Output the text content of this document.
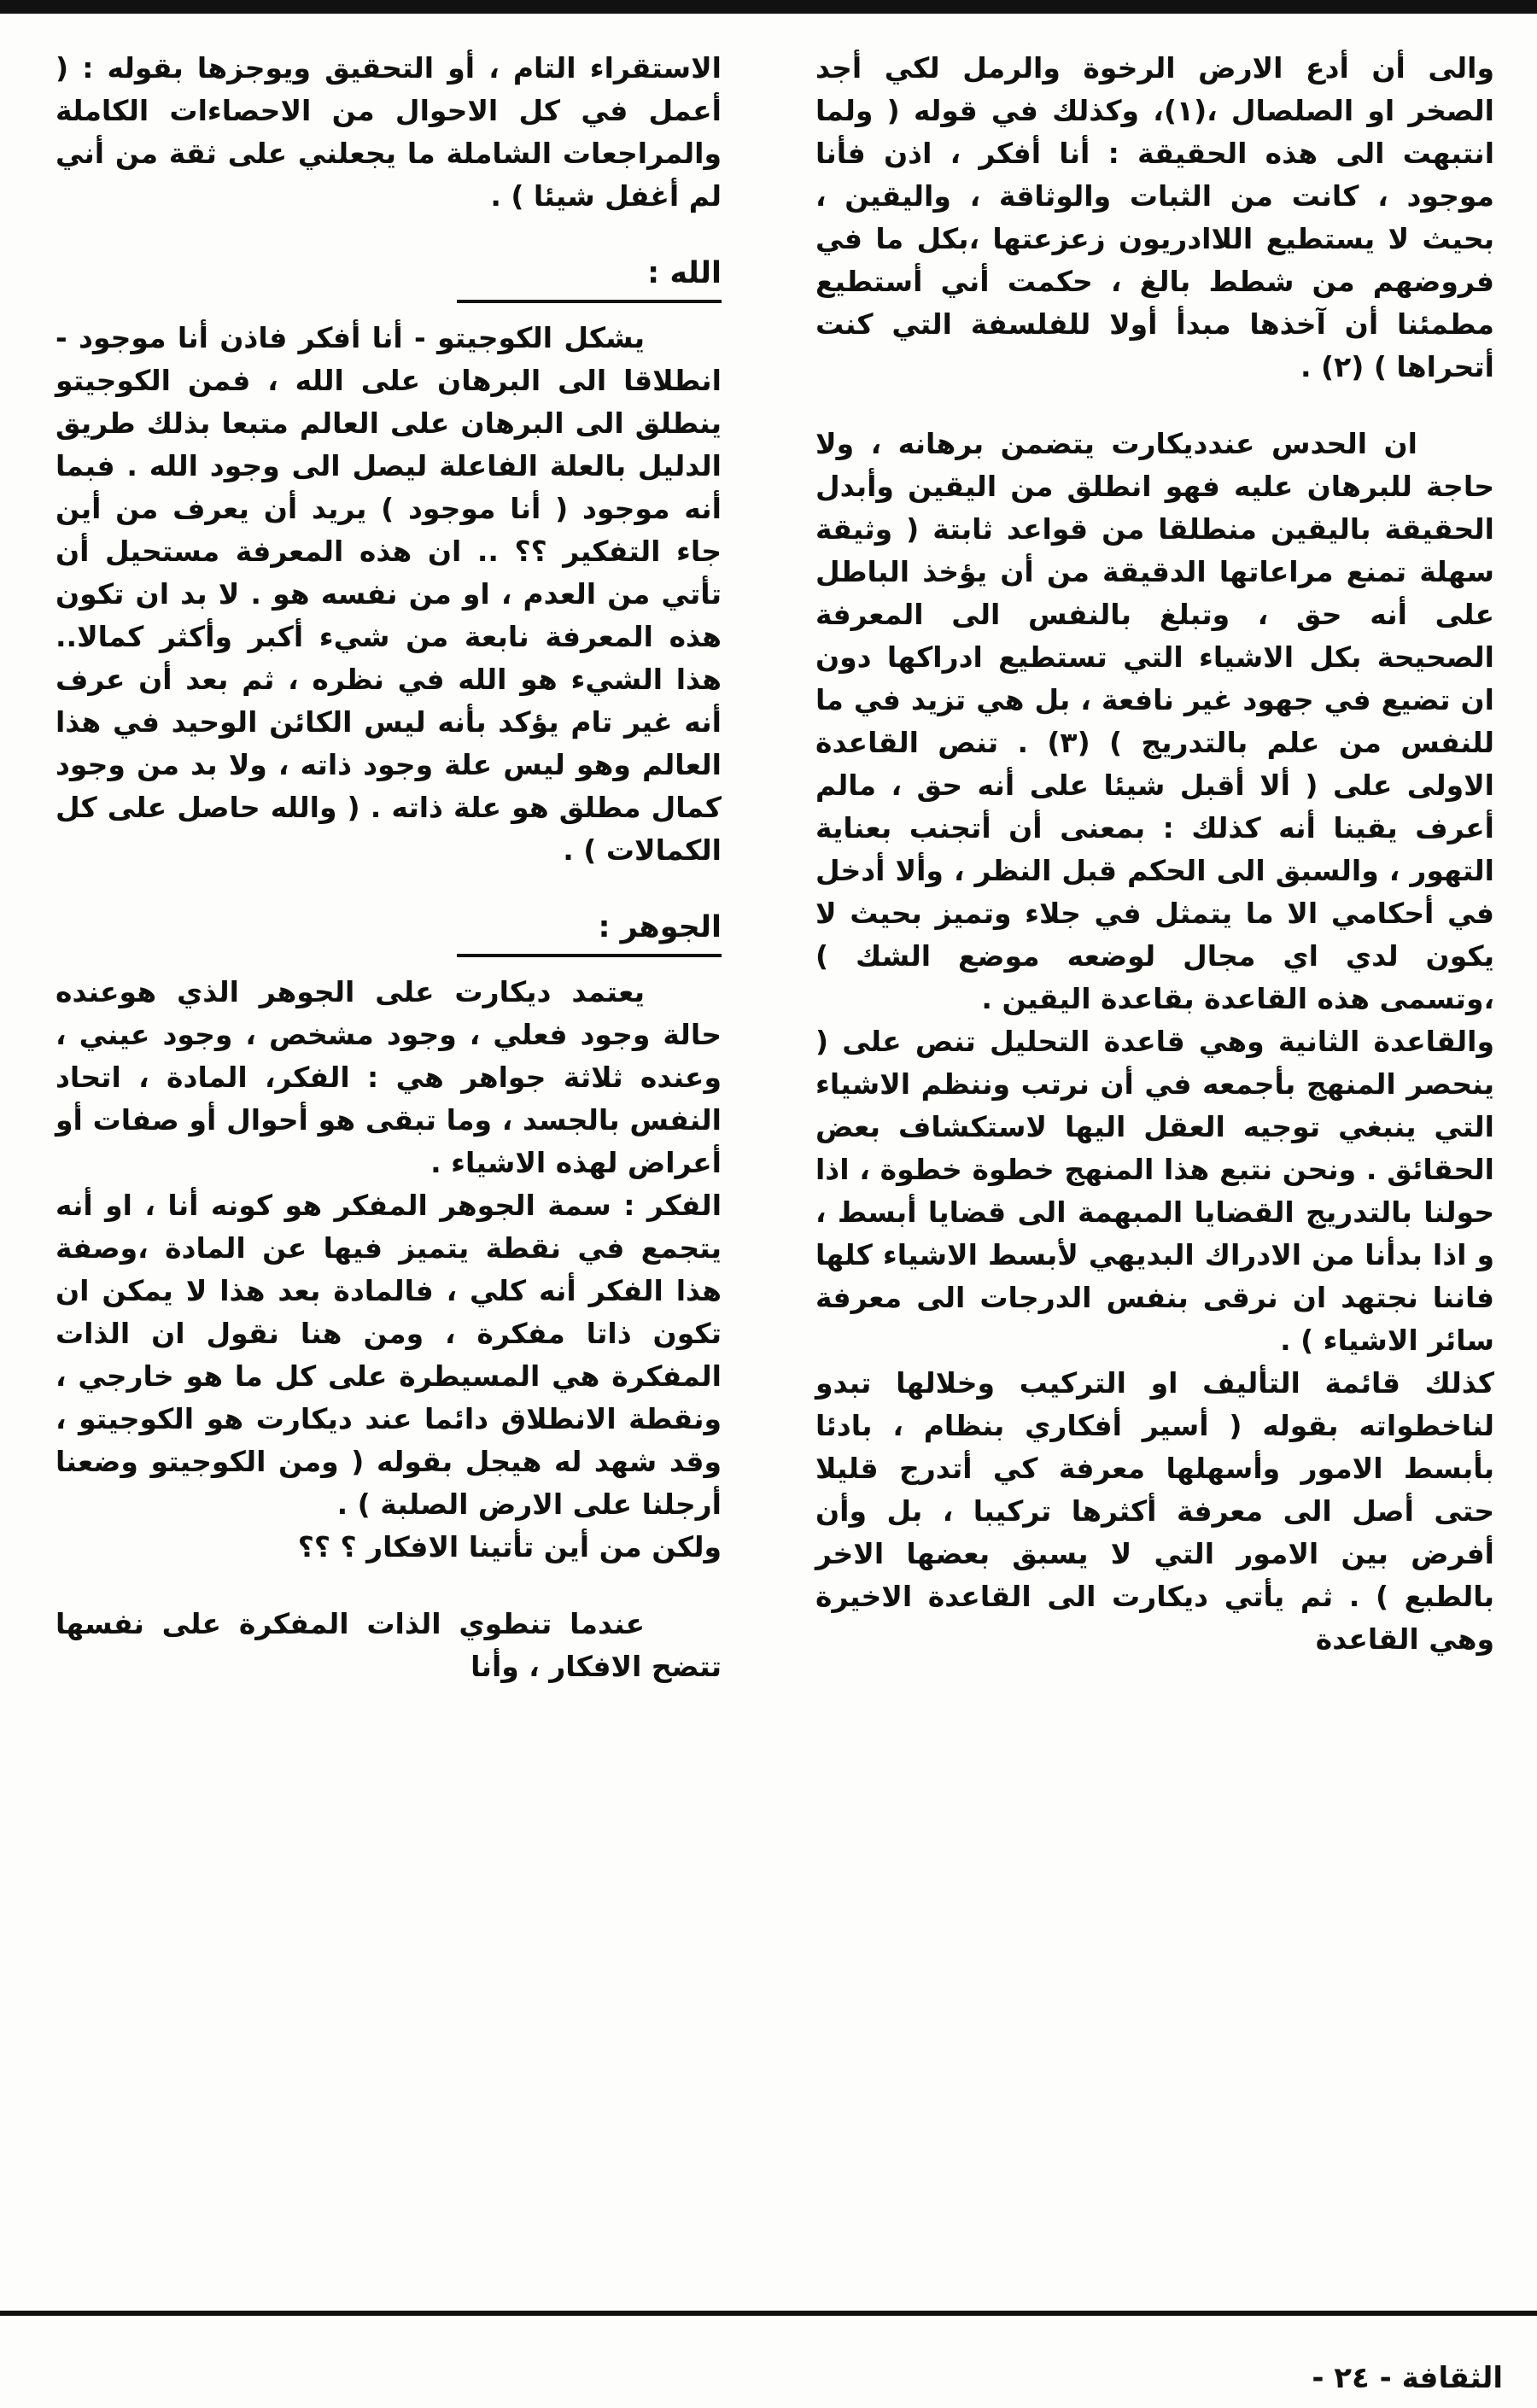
والى أن أدع الارض الرخوة والرمل لكي أجد الصخر او الصلصال ،(١)، وكذلك في قوله ( ولما انتبهت الى هذه الحقيقة : أنا أفكر ، اذن فأنا موجود ، كانت من الثبات والوثاقة ، واليقين ، بحيث لا يستطيع اللاادريون زعزعتها ،بكل ما في فروضهم من شطط بالغ ، حكمت أني أستطيع مطمئنا أن آخذها مبدأ أولا للفلسفة التي كنت أتحراها ) (٢) .

ان الحدس عندديكارت يتضمن برهانه ، ولا حاجة للبرهان عليه فهو انطلق من اليقين وأبدل الحقيقة باليقين منطلقا من قواعد ثابتة ( وثيقة سهلة تمنع مراعاتها الدقيقة من أن يؤخذ الباطل على أنه حق ، وتبلغ بالنفس الى المعرفة الصحيحة بكل الاشياء التي تستطيع ادراكها دون ان تضيع في جهود غير نافعة ، بل هي تزيد في ما للنفس من علم بالتدريج ) (٣) . تنص القاعدة الاولى على ( ألا أقبل شيئا على أنه حق ، مالم أعرف يقينا أنه كذلك : بمعنى أن أتجنب بعناية التهور ، والسبق الى الحكم قبل النظر ، وألا أدخل في أحكامي الا ما يتمثل في جلاء وتميز بحيث لا يكون لدي اي مجال لوضعه موضع الشك ) ،وتسمى هذه القاعدة بقاعدة اليقين .

والقاعدة الثانية وهي قاعدة التحليل تنص على ( ينحصر المنهج بأجمعه في أن نرتب وننظم الاشياء التي ينبغي توجيه العقل اليها لاستكشاف بعض الحقائق . ونحن نتبع هذا المنهج خطوة خطوة ، اذا حولنا بالتدريج القضايا المبهمة الى قضايا أبسط ، و اذا بدأنا من الادراك البديهي لأبسط الاشياء كلها فاننا نجتهد ان نرقى بنفس الدرجات الى معرفة سائر الاشياء ) .

كذلك قائمة التأليف او التركيب وخلالها تبدو لناخطواته بقوله ( أسير أفكاري بنظام ، بادئا بأبسط الامور وأسهلها معرفة كي أتدرج قليلا حتى أصل الى معرفة أكثرها تركيبا ، بل وأن أفرض بين الامور التي لا يسبق بعضها الاخر بالطبع ) . ثم يأتي ديكارت الى القاعدة الاخيرة وهي القاعدة

الاستقراء التام ، أو التحقيق ويوجزها بقوله : ( أعمل في كل الاحوال من الاحصاءات الكاملة والمراجعات الشاملة ما يجعلني على ثقة من أني لم أغفل شيئا ) .

الله :

يشكل الكوجيتو - أنا أفكر فاذن أنا موجود - انطلاقا الى البرهان على الله ، فمن الكوجيتو ينطلق الى البرهان على العالم متبعا بذلك طريق الدليل بالعلة الفاعلة ليصل الى وجود الله . فبما أنه موجود ( أنا موجود ) يريد أن يعرف من أين جاء التفكير ؟؟ .. ان هذه المعرفة مستحيل أن تأتي من العدم ، او من نفسه هو . لا بد ان تكون هذه المعرفة نابعة من شيء أكبر وأكثر كمالا.. هذا الشيء هو الله في نظره ، ثم بعد أن عرف أنه غير تام يؤكد بأنه ليس الكائن الوحيد في هذا العالم وهو ليس علة وجود ذاته ، ولا بد من وجود كمال مطلق هو علة ذاته . ( والله حاصل على كل الكمالات ) .

الجوهر :

يعتمد ديكارت على الجوهر الذي هوعنده حالة وجود فعلي ، وجود مشخص ، وجود عيني ، وعنده ثلاثة جواهر هي : الفكر، المادة ، اتحاد النفس بالجسد ، وما تبقى هو أحوال أو صفات أو أعراض لهذه الاشياء .

الفكر : سمة الجوهر المفكر هو كونه أنا ، او أنه يتجمع في نقطة يتميز فيها عن المادة ،وصفة هذا الفكر أنه كلي ، فالمادة بعد هذا لا يمكن ان تكون ذاتا مفكرة ، ومن هنا نقول ان الذات المفكرة هي المسيطرة على كل ما هو خارجي ، ونقطة الانطلاق دائما عند ديكارت هو الكوجيتو ، وقد شهد له هيجل بقوله ( ومن الكوجيتو وضعنا أرجلنا على الارض الصلبة ) .

ولكن من أين تأتينا الافكار ؟ ؟؟

عندما تنطوي الذات المفكرة على نفسها تتضح الافكار ، وأنا

الثقافة - ٢٤ -
